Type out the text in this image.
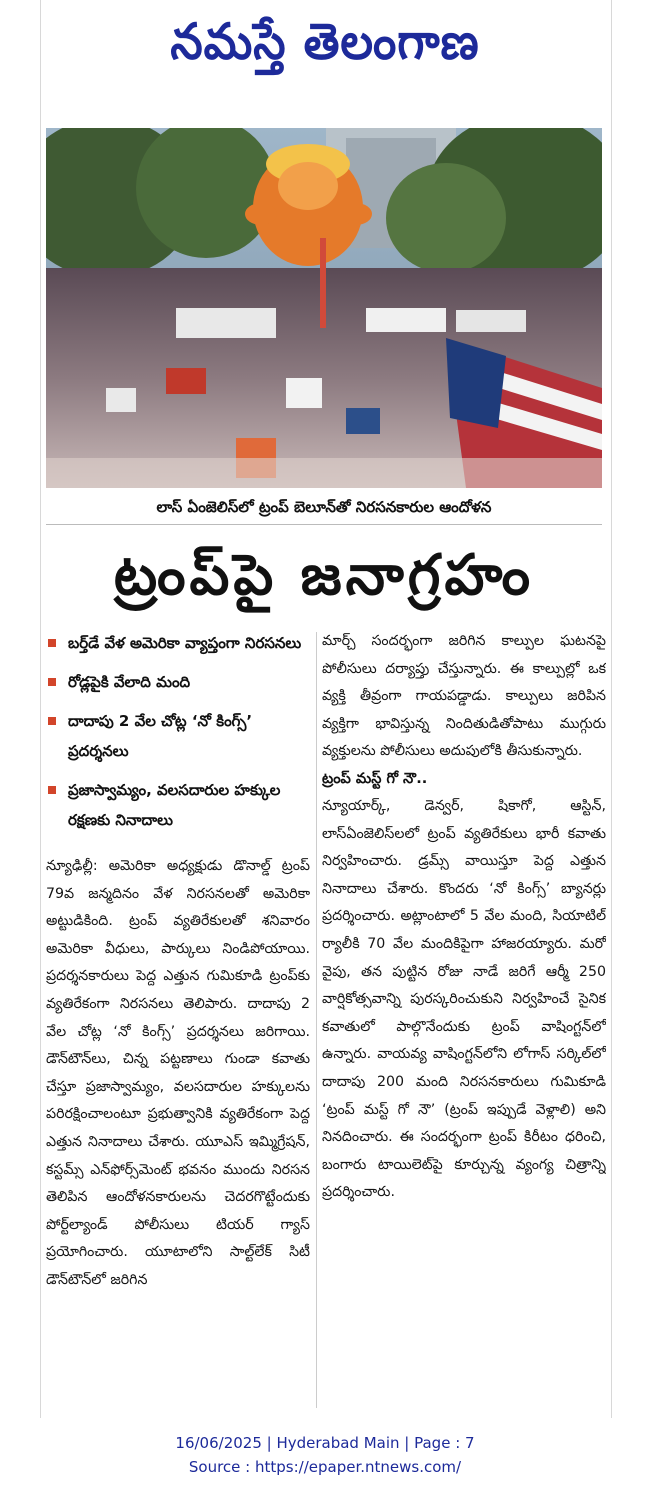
నమస్తే తెలంగాణ
లాస్ ఏంజెలిస్‌లో ట్రంప్ బెలూన్‌తో నిరసనకారుల ఆందోళన
ట్రంప్‌పై జనాగ్రహం
బర్త్‌డే వేళ అమెరికా వ్యాప్తంగా నిరసనలు
రోడ్లపైకి వేలాది మంది
దాదాపు 2 వేల చోట్ల ‘నో కింగ్స్’ ప్రదర్శనలు
ప్రజాస్వామ్యం, వలసదారుల హక్కుల రక్షణకు నినాదాలు

న్యూఢిల్లీ: అమెరికా అధ్యక్షుడు డొనాల్డ్ ట్రంప్ 79వ జన్మదినం వేళ నిరసనలతో అమెరికా అట్టుడికింది. ట్రంప్ వ్యతిరేకులతో శనివారం అమెరికా వీధులు, పార్కులు నిండిపోయాయి. ప్రదర్శనకారులు పెద్ద ఎత్తున గుమికూడి ట్రంప్‌కు వ్యతిరేకంగా నిరసనలు తెలిపారు. దాదాపు 2 వేల చోట్ల ‘నో కింగ్స్’ ప్రదర్శనలు జరిగాయి. డౌన్‌టౌన్‌లు, చిన్న పట్టణాలు గుండా కవాతు చేస్తూ ప్రజాస్వామ్యం, వలసదారుల హక్కులను పరిరక్షించాలంటూ ప్రభుత్వానికి వ్యతిరేకంగా పెద్ద ఎత్తున నినాదాలు చేశారు. యూఎస్ ఇమ్మిగ్రేషన్, కస్టమ్స్ ఎన్‌ఫోర్స్‌మెంట్ భవనం ముందు నిరసన తెలిపిన ఆందోళనకారులను చెదరగొట్టేందుకు పోర్ట్‌ల్యాండ్ పోలీసులు టియర్ గ్యాస్ ప్రయోగించారు. యూటాలోని సాల్ట్‌లేక్ సిటీ డౌన్‌టౌన్‌లో జరిగిన

మార్చ్ సందర్భంగా జరిగిన కాల్పుల ఘటనపై పోలీసులు దర్యాప్తు చేస్తున్నారు. ఈ కాల్పుల్లో ఒక వ్యక్తి తీవ్రంగా గాయపడ్డాడు. కాల్పులు జరిపిన వ్యక్తిగా భావిస్తున్న నిందితుడితోపాటు ముగ్గురు వ్యక్తులను పోలీసులు అదుపులోకి తీసుకున్నారు.

ట్రంప్ మస్ట్ గో నౌ..

న్యూయార్క్, డెన్వర్, షికాగో, ఆస్టిన్, లాస్‌ఏంజెలిస్‌లలో ట్రంప్ వ్యతిరేకులు భారీ కవాతు నిర్వహించారు. డ్రమ్స్ వాయిస్తూ పెద్ద ఎత్తున నినాదాలు చేశారు. కొందరు ‘నో కింగ్స్’ బ్యానర్లు ప్రదర్శించారు. అట్లాంటాలో 5 వేల మంది, సియాటిల్ ర్యాలీకి 70 వేల మందికిపైగా హాజరయ్యారు. మరో వైపు, తన పుట్టిన రోజు నాడే జరిగే ఆర్మీ 250 వార్షికోత్సవాన్ని పురస్కరించుకుని నిర్వహించే సైనిక కవాతులో పాల్గొనేందుకు ట్రంప్ వాషింగ్టన్‌లో ఉన్నారు. వాయవ్య వాషింగ్టన్‌లోని లోగాస్ సర్కిల్‌లో దాదాపు 200 మంది నిరసనకారులు గుమికూడి ‘ట్రంప్ మస్ట్ గో నౌ’ (ట్రంప్ ఇప్పుడే వెళ్లాలి) అని నినదించారు. ఈ సందర్భంగా ట్రంప్ కిరీటం ధరించి, బంగారు టాయిలెట్‌పై కూర్చున్న వ్యంగ్య చిత్రాన్ని ప్రదర్శించారు.

16/06/2025 | Hyderabad Main | Page : 7
Source : https://epaper.ntnews.com/
